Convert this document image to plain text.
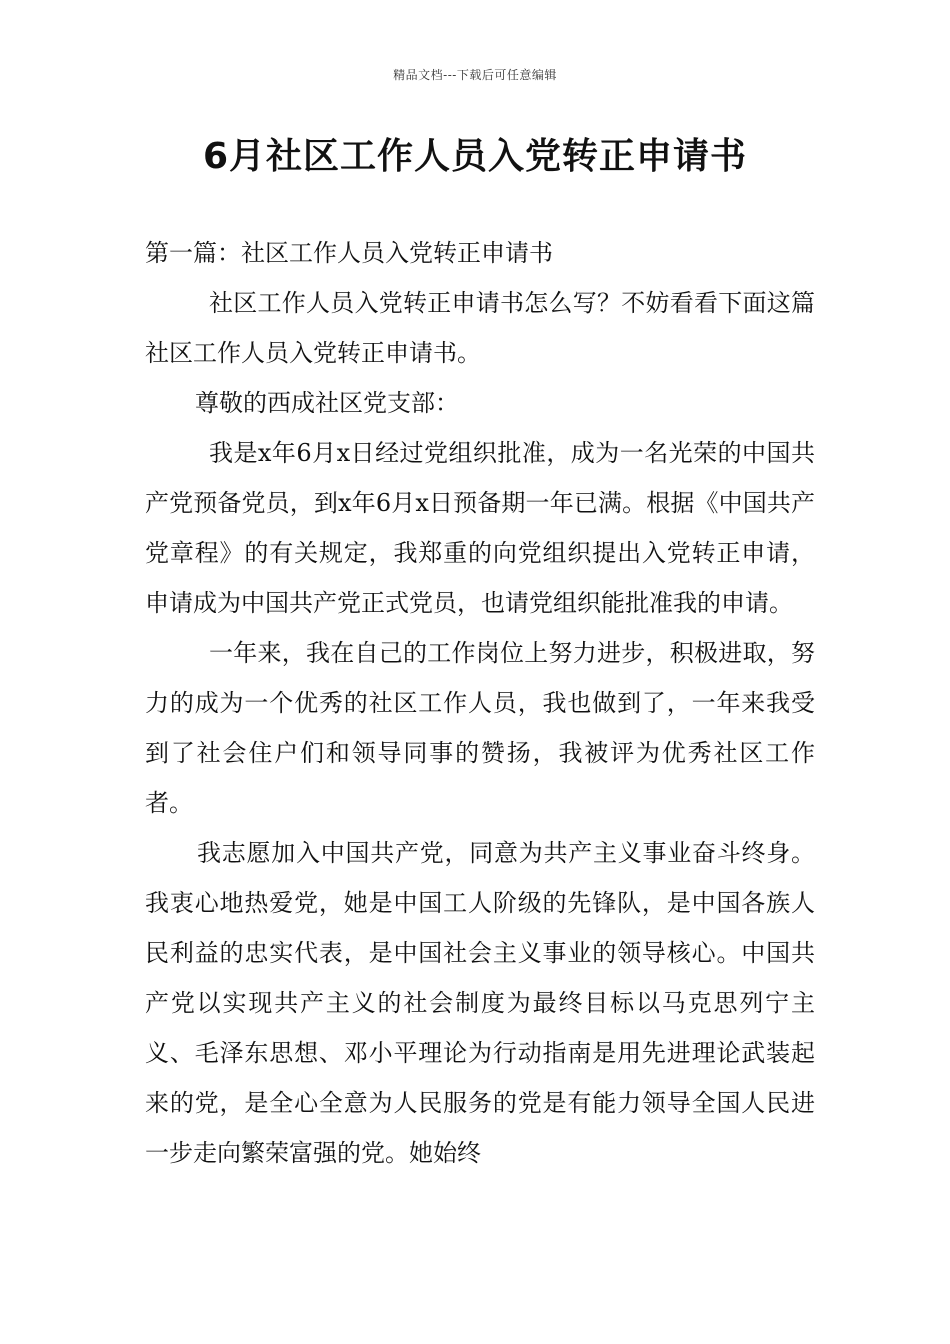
精品文档---下载后可任意编辑
6月社区工作人员入党转正申请书

第一篇：社区工作人员入党转正申请书

社区工作人员入党转正申请书怎么写？不妨看看下面这篇社区工作人员入党转正申请书。

尊敬的西成社区党支部：

我是x年6月x日经过党组织批准，成为一名光荣的中国共产党预备党员，到x年6月x日预备期一年已满。根据《中国共产党章程》的有关规定，我郑重的向党组织提出入党转正申请，申请成为中国共产党正式党员，也请党组织能批准我的申请。

一年来，我在自己的工作岗位上努力进步，积极进取，努力的成为一个优秀的社区工作人员，我也做到了，一年来我受到了社会住户们和领导同事的赞扬，我被评为优秀社区工作者。

我志愿加入中国共产党，同意为共产主义事业奋斗终身。我衷心地热爱党，她是中国工人阶级的先锋队，是中国各族人民利益的忠实代表，是中国社会主义事业的领导核心。中国共产党以实现共产主义的社会制度为最终目标以马克思列宁主义、毛泽东思想、邓小平理论为行动指南是用先进理论武装起来的党，是全心全意为人民服务的党是有能力领导全国人民进一步走向繁荣富强的党。她始终
